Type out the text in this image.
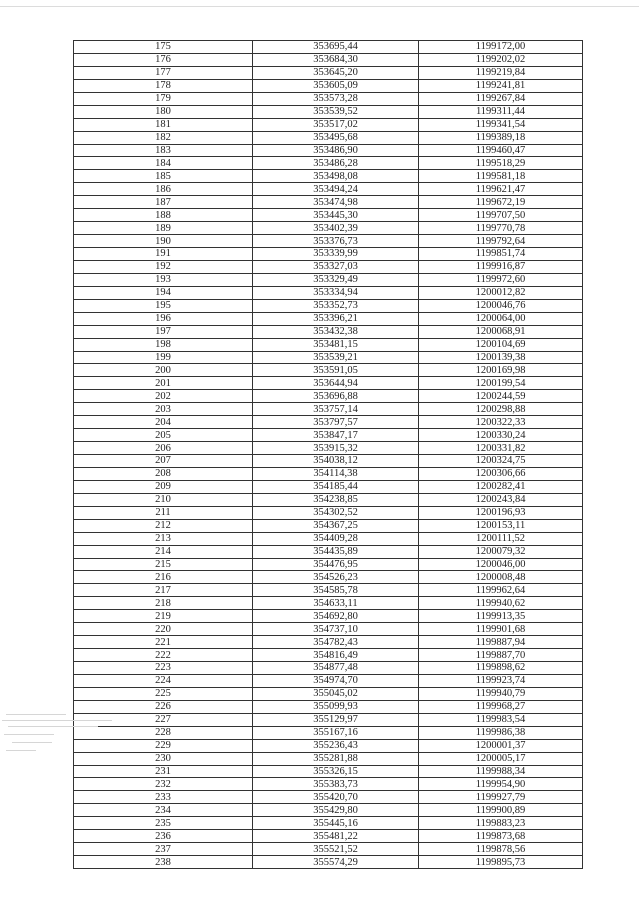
175	353695,44	1199172,00
176	353684,30	1199202,02
177	353645,20	1199219,84
178	353605,09	1199241,81
179	353573,28	1199267,84
180	353539,52	1199311,44
181	353517,02	1199341,54
182	353495,68	1199389,18
183	353486,90	1199460,47
184	353486,28	1199518,29
185	353498,08	1199581,18
186	353494,24	1199621,47
187	353474,98	1199672,19
188	353445,30	1199707,50
189	353402,39	1199770,78
190	353376,73	1199792,64
191	353339,99	1199851,74
192	353327,03	1199916,87
193	353329,49	1199972,60
194	353334,94	1200012,82
195	353352,73	1200046,76
196	353396,21	1200064,00
197	353432,38	1200068,91
198	353481,15	1200104,69
199	353539,21	1200139,38
200	353591,05	1200169,98
201	353644,94	1200199,54
202	353696,88	1200244,59
203	353757,14	1200298,88
204	353797,57	1200322,33
205	353847,17	1200330,24
206	353915,32	1200331,82
207	354038,12	1200324,75
208	354114,38	1200306,66
209	354185,44	1200282,41
210	354238,85	1200243,84
211	354302,52	1200196,93
212	354367,25	1200153,11
213	354409,28	1200111,52
214	354435,89	1200079,32
215	354476,95	1200046,00
216	354526,23	1200008,48
217	354585,78	1199962,64
218	354633,11	1199940,62
219	354692,80	1199913,35
220	354737,10	1199901,68
221	354782,43	1199887,94
222	354816,49	1199887,70
223	354877,48	1199898,62
224	354974,70	1199923,74
225	355045,02	1199940,79
226	355099,93	1199968,27
227	355129,97	1199983,54
228	355167,16	1199986,38
229	355236,43	1200001,37
230	355281,88	1200005,17
231	355326,15	1199988,34
232	355383,73	1199954,90
233	355420,70	1199927,79
234	355429,80	1199900,89
235	355445,16	1199883,23
236	355481,22	1199873,68
237	355521,52	1199878,56
238	355574,29	1199895,73
